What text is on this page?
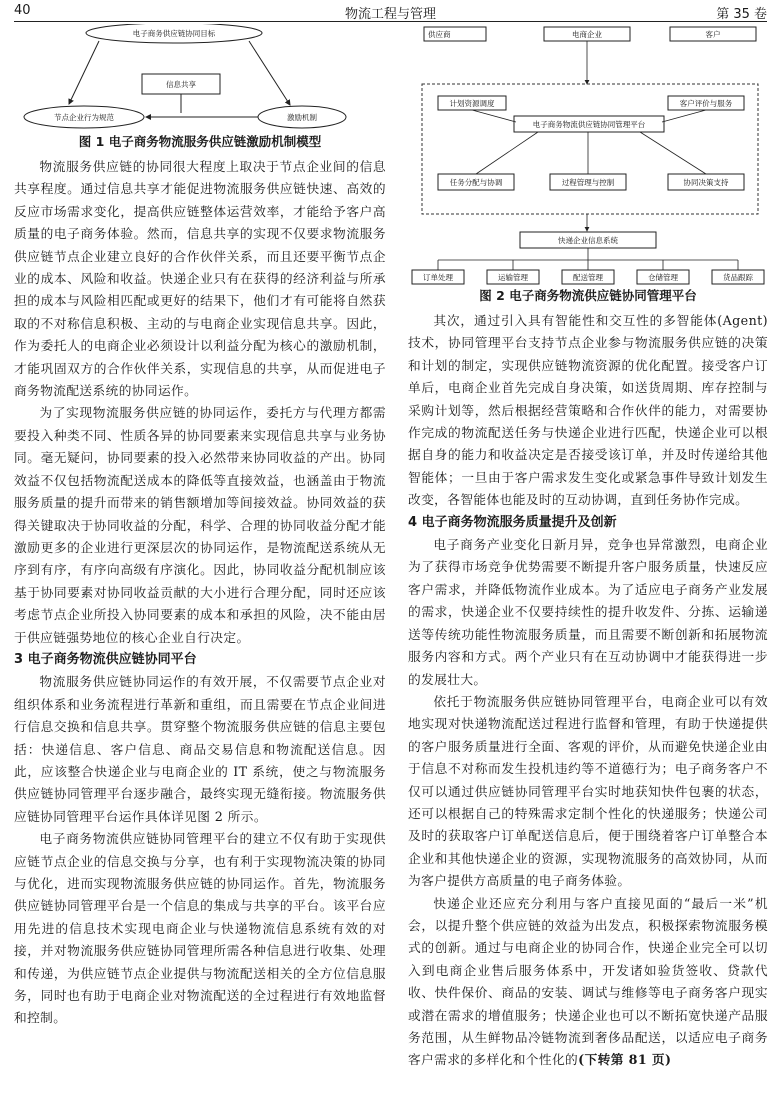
40	物流工程与管理	第 35 卷
电子商务供应链协同目标
信息共享
节点企业行为规范	激励机制

图 1 电子商务物流服务供应链激励机制模型

物流服务供应链的协同很大程度上取决于节点企业间的信息共享程度。通过信息共享才能促进物流服务供应链快速、高效的反应市场需求变化，提高供应链整体运营效率，才能给予客户高质量的电子商务体验。然而，信息共享的实现不仅要求物流服务供应链节点企业建立良好的合作伙伴关系，而且还要平衡节点企业的成本、风险和收益。快递企业只有在获得的经济利益与所承担的成本与风险相匹配或更好的结果下，他们才有可能将自然获取的不对称信息积极、主动的与电商企业实现信息共享。因此，作为委托人的电商企业必须设计以利益分配为核心的激励机制，才能巩固双方的合作伙伴关系，实现信息的共享，从而促进电子商务物流配送系统的协同运作。

为了实现物流服务供应链的协同运作，委托方与代理方都需要投入种类不同、性质各异的协同要素来实现信息共享与业务协同。毫无疑问，协同要素的投入必然带来协同收益的产出。协同效益不仅包括物流配送成本的降低等直接效益，也涵盖由于物流服务质量的提升而带来的销售额增加等间接效益。协同效益的获得关键取决于协同收益的分配，科学、合理的协同收益分配才能激励更多的企业进行更深层次的协同运作，是物流配送系统从无序到有序，有序向高级有序演化。因此，协同收益分配机制应该基于协同要素对协同收益贡献的大小进行合理分配，同时还应该考虑节点企业所投入协同要素的成本和承担的风险，决不能由居于供应链强势地位的核心企业自行决定。

3 电子商务物流供应链协同平台

物流服务供应链协同运作的有效开展，不仅需要节点企业对组织体系和业务流程进行革新和重组，而且需要在节点企业间进行信息交换和信息共享。贯穿整个物流服务供应链的信息主要包括：快递信息、客户信息、商品交易信息和物流配送信息。因此，应该整合快递企业与电商企业的 IT 系统，使之与物流服务供应链协同管理平台逐步融合，最终实现无缝衔接。物流服务供应链协同管理平台运作具体详见图 2 所示。

电子商务物流供应链协同管理平台的建立不仅有助于实现供应链节点企业的信息交换与分享，也有利于实现物流决策的协同与优化，进而实现物流服务供应链的协同运作。首先，物流服务供应链协同管理平台是一个信息的集成与共享的平台。该平台应用先进的信息技术实现电商企业与快递物流信息系统有效的对接，并对物流服务供应链协同管理所需各种信息进行收集、处理和传递，为供应链节点企业提供与物流配送相关的全方位信息服务，同时也有助于电商企业对物流配送的全过程进行有效地监督和控制。

供应商	电商企业	客户
计划资源调度	客户评价与服务
电子商务物流供应链协同管理平台
任务分配与协调	过程管理与控制	协同决策支持
快递企业信息系统
订单处理	运输管理	配送管理	仓储管理	货品跟踪

图 2 电子商务物流供应链协同管理平台

其次，通过引入具有智能性和交互性的多智能体(Agent)技术，协同管理平台支持节点企业参与物流服务供应链的决策和计划的制定，实现供应链物流资源的优化配置。接受客户订单后，电商企业首先完成自身决策，如送货周期、库存控制与采购计划等，然后根据经营策略和合作伙伴的能力，对需要协作完成的物流配送任务与快递企业进行匹配，快递企业可以根据自身的能力和收益决定是否接受该订单，并及时传递给其他智能体；一旦由于客户需求发生变化或紧急事件导致计划发生改变，各智能体也能及时的互动协调，直到任务协作完成。

4 电子商务物流服务质量提升及创新

电子商务产业变化日新月异，竞争也异常激烈，电商企业为了获得市场竞争优势需要不断提升客户服务质量，快速反应客户需求，并降低物流作业成本。为了适应电子商务产业发展的需求，快递企业不仅要持续性的提升收发件、分拣、运输递送等传统功能性物流服务质量，而且需要不断创新和拓展物流服务内容和方式。两个产业只有在互动协调中才能获得进一步的发展壮大。

依托于物流服务供应链协同管理平台，电商企业可以有效地实现对快递物流配送过程进行监督和管理，有助于快递提供的客户服务质量进行全面、客观的评价，从而避免快递企业由于信息不对称而发生投机违约等不道德行为；电子商务客户不仅可以通过供应链协同管理平台实时地获知快件包裹的状态，还可以根据自己的特殊需求定制个性化的快递服务；快递公司及时的获取客户订单配送信息后，便于围绕着客户订单整合本企业和其他快递企业的资源，实现物流服务的高效协同，从而为客户提供方高质量的电子商务体验。

快递企业还应充分利用与客户直接见面的“最后一米”机会，以提升整个供应链的效益为出发点，积极探索物流服务模式的创新。通过与电商企业的协同合作，快递企业完全可以切入到电商企业售后服务体系中，开发诸如验货签收、贷款代收、快件保价、商品的安装、调试与维修等电子商务客户现实或潜在需求的增值服务；快递企业也可以不断拓宽快递产品服务范围，从生鲜物品冷链物流到奢侈品配送，以适应电子商务客户需求的多样化和个性化的(下转第 81 页)
